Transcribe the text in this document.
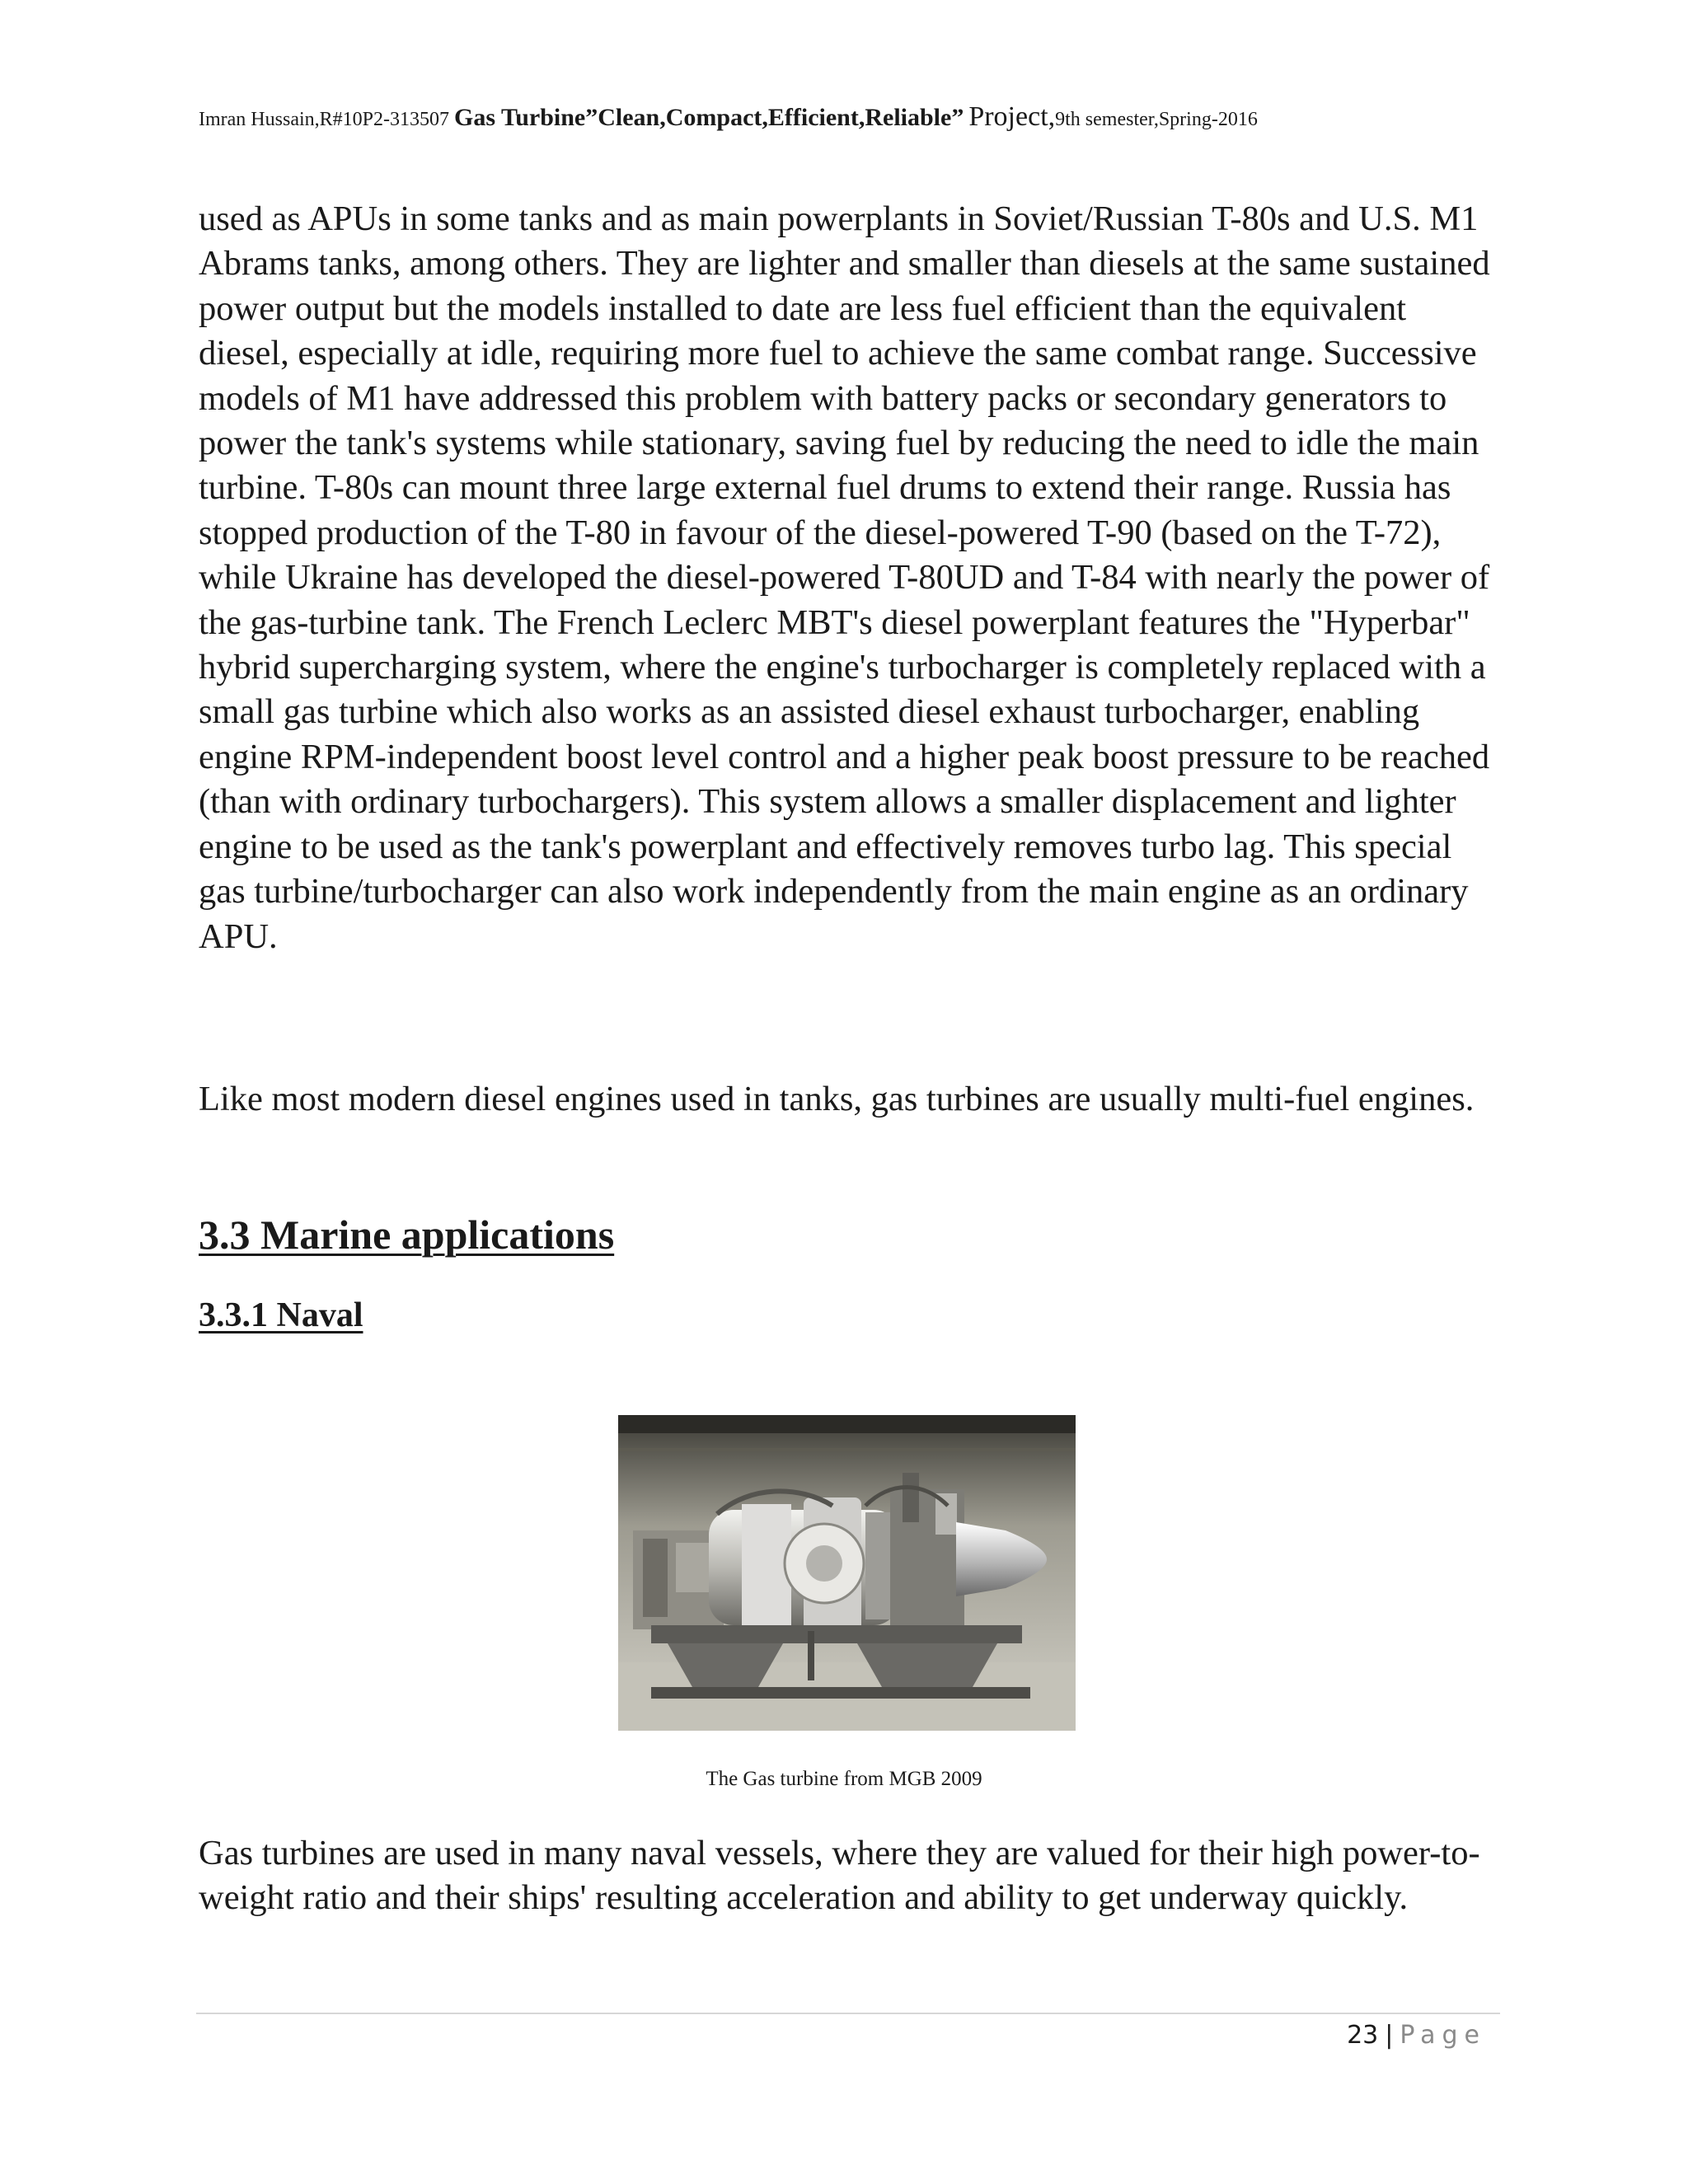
Imran Hussain,R#10P2-313507 Gas Turbine”Clean,Compact,Efficient,Reliable” Project,9th semester,Spring-2016

used as APUs in some tanks and as main powerplants in Soviet/Russian T-80s and U.S. M1 Abrams tanks, among others. They are lighter and smaller than diesels at the same sustained power output but the models installed to date are less fuel efficient than the equivalent diesel, especially at idle, requiring more fuel to achieve the same combat range. Successive models of M1 have addressed this problem with battery packs or secondary generators to power the tank's systems while stationary, saving fuel by reducing the need to idle the main turbine. T-80s can mount three large external fuel drums to extend their range. Russia has stopped production of the T-80 in favour of the diesel-powered T-90 (based on the T-72), while Ukraine has developed the diesel-powered T-80UD and T-84 with nearly the power of the gas-turbine tank. The French Leclerc MBT's diesel powerplant features the "Hyperbar" hybrid supercharging system, where the engine's turbocharger is completely replaced with a small gas turbine which also works as an assisted diesel exhaust turbocharger, enabling engine RPM-independent boost level control and a higher peak boost pressure to be reached (than with ordinary turbochargers). This system allows a smaller displacement and lighter engine to be used as the tank's powerplant and effectively removes turbo lag. This special gas turbine/turbocharger can also work independently from the main engine as an ordinary APU.

Like most modern diesel engines used in tanks, gas turbines are usually multi-fuel engines.

3.3 Marine applications
3.3.1 Naval
The Gas turbine from MGB 2009

Gas turbines are used in many naval vessels, where they are valued for their high power-to-weight ratio and their ships' resulting acceleration and ability to get underway quickly.

23 | Page
